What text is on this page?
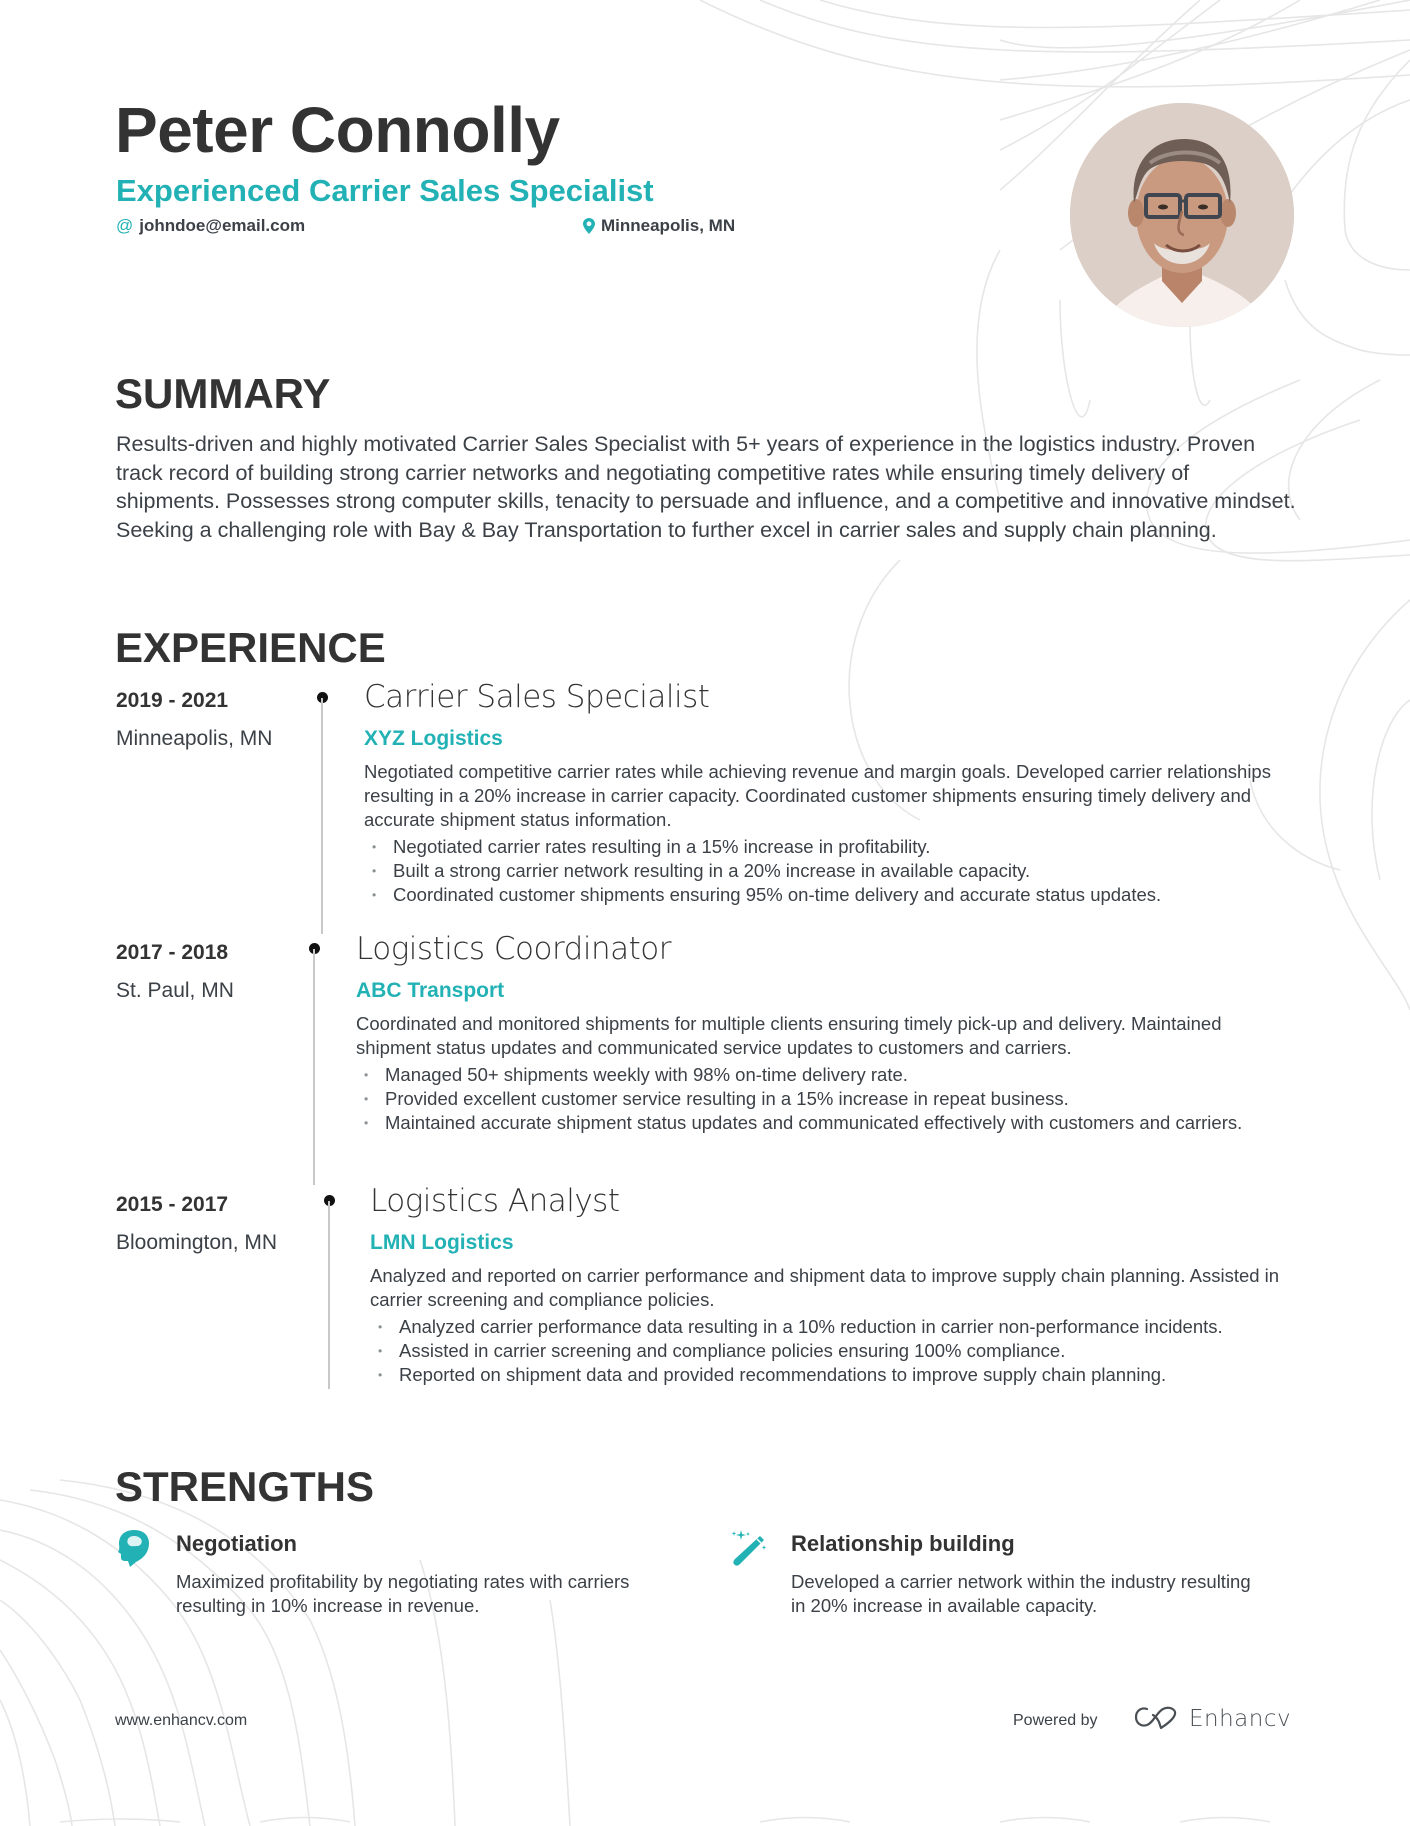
Peter Connolly
Experienced Carrier Sales Specialist
@ johndoe@email.com	Minneapolis, MN
SUMMARY

Results-driven and highly motivated Carrier Sales Specialist with 5+ years of experience in the logistics industry. Proven track record of building strong carrier networks and negotiating competitive rates while ensuring timely delivery of shipments. Possesses strong computer skills, tenacity to persuade and influence, and a competitive and innovative mindset. Seeking a challenging role with Bay & Bay Transportation to further excel in carrier sales and supply chain planning.

EXPERIENCE
2019 - 2021
Minneapolis, MN
Carrier Sales Specialist
XYZ Logistics

Negotiated competitive carrier rates while achieving revenue and margin goals. Developed carrier relationships resulting in a 20% increase in carrier capacity. Coordinated customer shipments ensuring timely delivery and accurate shipment status information.

• Negotiated carrier rates resulting in a 15% increase in profitability.
• Built a strong carrier network resulting in a 20% increase in available capacity.
• Coordinated customer shipments ensuring 95% on-time delivery and accurate status updates.
2017 - 2018
St. Paul, MN
Logistics Coordinator
ABC Transport

Coordinated and monitored shipments for multiple clients ensuring timely pick-up and delivery. Maintained shipment status updates and communicated service updates to customers and carriers.

• Managed 50+ shipments weekly with 98% on-time delivery rate.
• Provided excellent customer service resulting in a 15% increase in repeat business.
• Maintained accurate shipment status updates and communicated effectively with customers and carriers.
2015 - 2017
Bloomington, MN
Logistics Analyst
LMN Logistics

Analyzed and reported on carrier performance and shipment data to improve supply chain planning. Assisted in carrier screening and compliance policies.

• Analyzed carrier performance data resulting in a 10% reduction in carrier non-performance incidents.
• Assisted in carrier screening and compliance policies ensuring 100% compliance.
• Reported on shipment data and provided recommendations to improve supply chain planning.
STRENGTHS
Negotiation

Maximized profitability by negotiating rates with carriers resulting in 10% increase in revenue.

Relationship building

Developed a carrier network within the industry resulting in 20% increase in available capacity.

www.enhancv.com	Powered by	Enhancv
